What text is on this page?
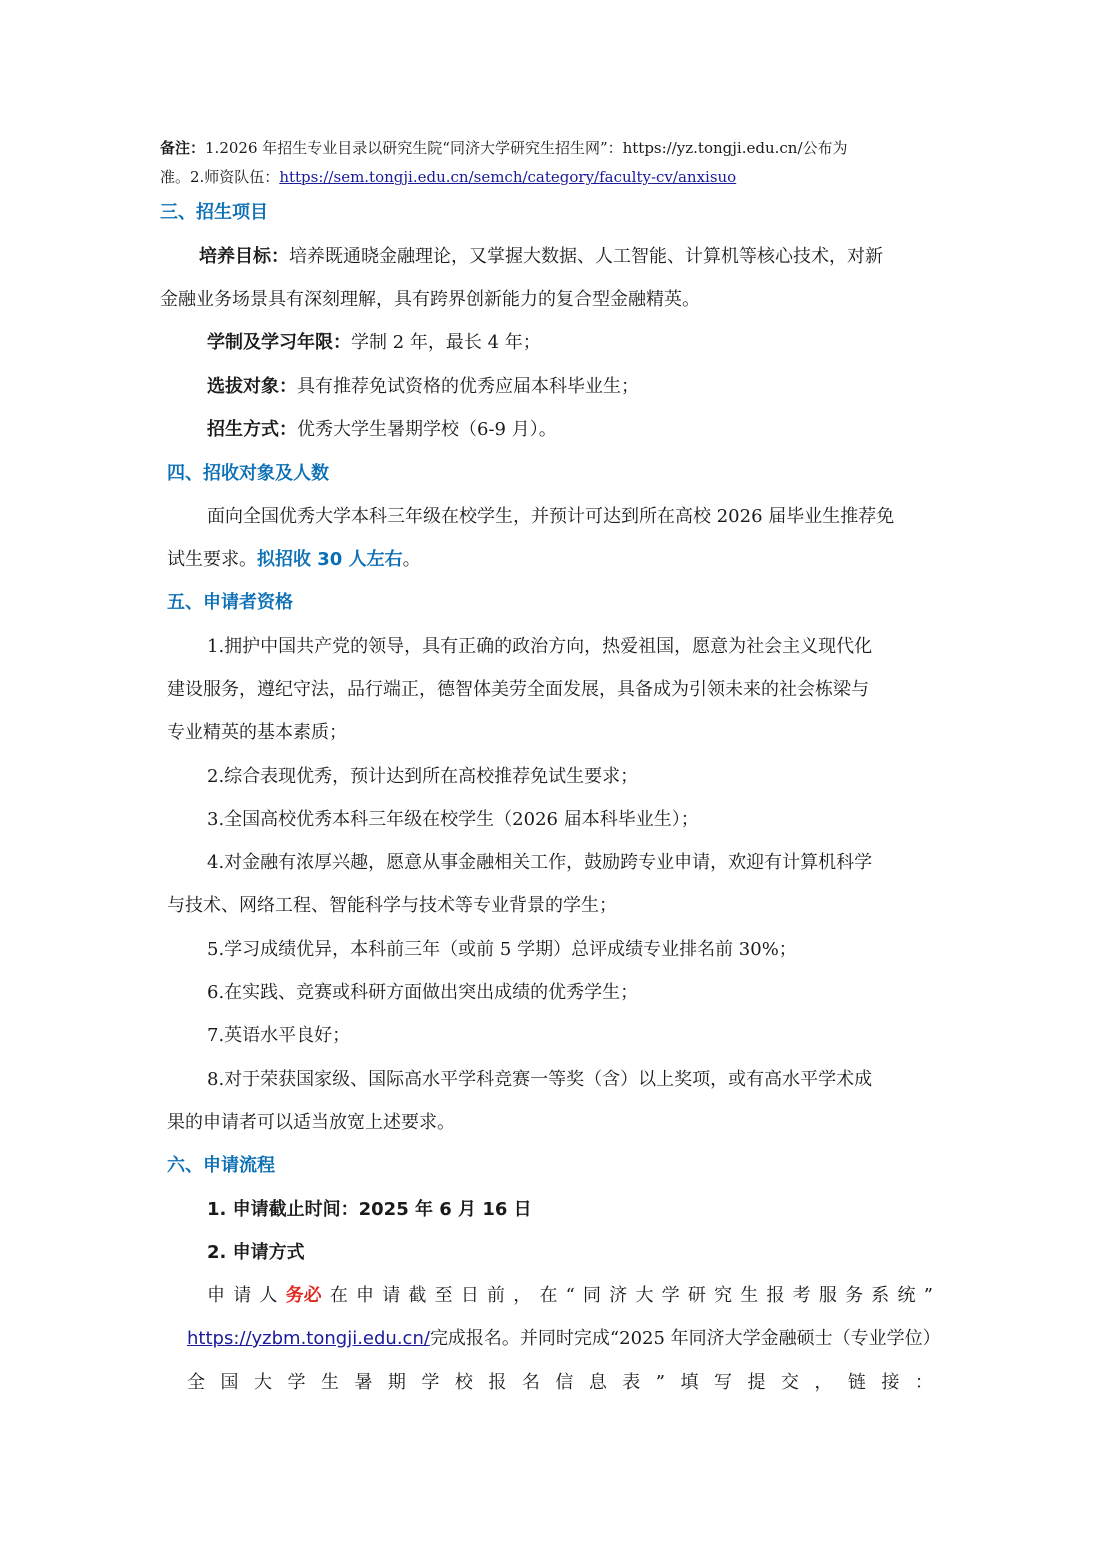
备注：1.2026 年招生专业目录以研究生院“同济大学研究生招生网”：https://yz.tongji.edu.cn/公布为
准。2.师资队伍：https://sem.tongji.edu.cn/semch/category/faculty-cv/anxisuo
三、招生项目
培养目标：培养既通晓金融理论，又掌握大数据、人工智能、计算机等核心技术，对新
金融业务场景具有深刻理解，具有跨界创新能力的复合型金融精英。
学制及学习年限：学制 2 年，最长 4 年；
选拔对象：具有推荐免试资格的优秀应届本科毕业生；
招生方式：优秀大学生暑期学校（6-9 月）。
四、招收对象及人数
面向全国优秀大学本科三年级在校学生，并预计可达到所在高校 2026 届毕业生推荐免
试生要求。拟招收 30 人左右。
五、申请者资格
1.拥护中国共产党的领导，具有正确的政治方向，热爱祖国，愿意为社会主义现代化
建设服务，遵纪守法，品行端正，德智体美劳全面发展，具备成为引领未来的社会栋梁与
专业精英的基本素质；
2.综合表现优秀，预计达到所在高校推荐免试生要求；
3.全国高校优秀本科三年级在校学生（2026 届本科毕业生）；
4.对金融有浓厚兴趣，愿意从事金融相关工作，鼓励跨专业申请，欢迎有计算机科学
与技术、网络工程、智能科学与技术等专业背景的学生；
5.学习成绩优异，本科前三年（或前 5 学期）总评成绩专业排名前 30%；
6.在实践、竞赛或科研方面做出突出成绩的优秀学生；
7.英语水平良好；
8.对于荣获国家级、国际高水平学科竞赛一等奖（含）以上奖项，或有高水平学术成
果的申请者可以适当放宽上述要求。
六、申请流程
1. 申请截止时间：2025 年 6 月 16 日
2. 申请方式
申 请 人 务必 在 申 请 截 至 日 前 ， 在 “ 同 济 大 学 研 究 生 报 考 服 务 系 统 ”
https://yzbm.tongji.edu.cn/完成报名。并同时完成“2025 年同济大学金融硕士（专业学位）
全 国 大 学 生 暑 期 学 校 报 名 信 息 表 ” 填 写 提 交 ， 链 接 ：
